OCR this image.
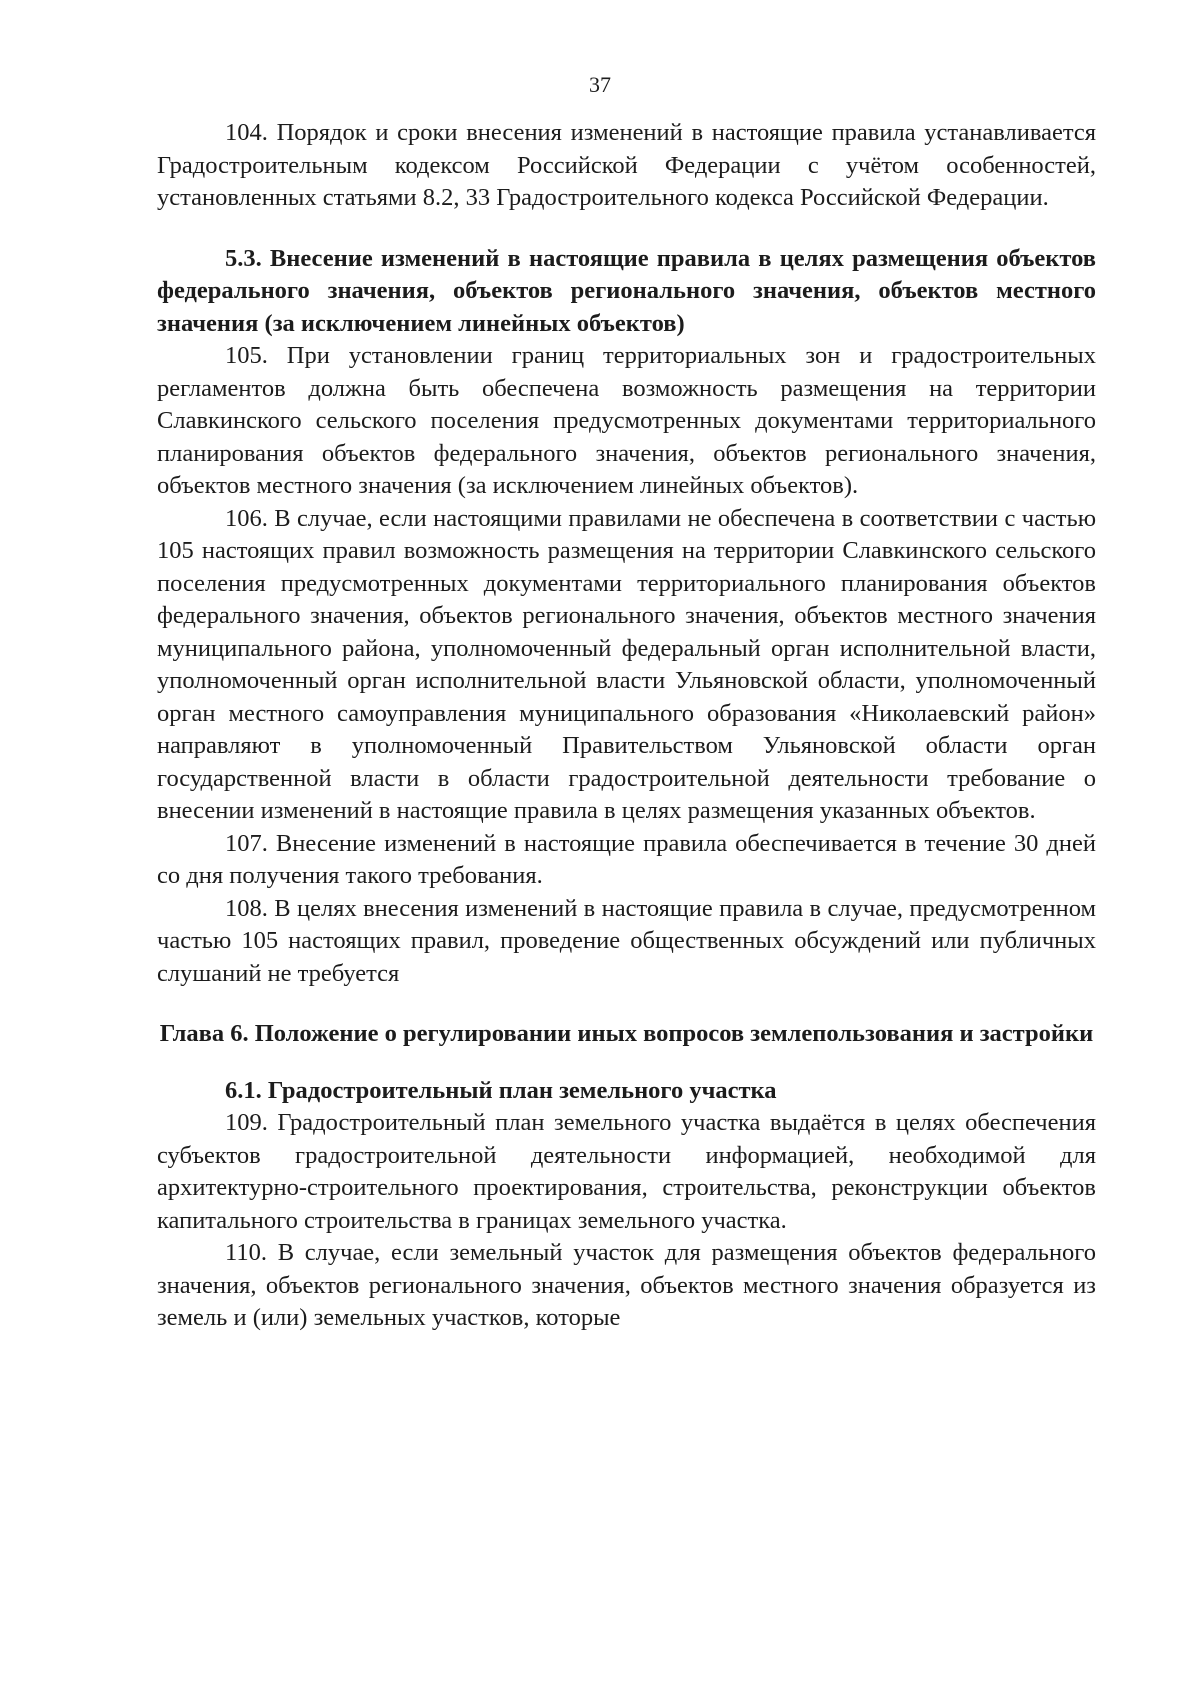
37

104. Порядок и сроки внесения изменений в настоящие правила устанавливается Градостроительным кодексом Российской Федерации с учётом особенностей, установленных статьями 8.2, 33 Градостроительного кодекса Российской Федерации.

5.3. Внесение изменений в настоящие правила в целях размещения объектов федерального значения, объектов регионального значения, объектов местного значения (за исключением линейных объектов)

105. При установлении границ территориальных зон и градостроительных регламентов должна быть обеспечена возможность размещения на территории Славкинского сельского поселения предусмотренных документами территориального планирования объектов федерального значения, объектов регионального значения, объектов местного значения (за исключением линейных объектов).

106. В случае, если настоящими правилами не обеспечена в соответствии с частью 105 настоящих правил возможность размещения на территории Славкинского сельского поселения предусмотренных документами территориального планирования объектов федерального значения, объектов регионального значения, объектов местного значения муниципального района, уполномоченный федеральный орган исполнительной власти, уполномоченный орган исполнительной власти Ульяновской области, уполномоченный орган местного самоуправления муниципального образования «Николаевский район» направляют в уполномоченный Правительством Ульяновской области орган государственной власти в области градостроительной деятельности требование о внесении изменений в настоящие правила в целях размещения указанных объектов.

107. Внесение изменений в настоящие правила обеспечивается в течение 30 дней со дня получения такого требования.

108. В целях внесения изменений в настоящие правила в случае, предусмотренном частью 105 настоящих правил, проведение общественных обсуждений или публичных слушаний не требуется

Глава 6. Положение о регулировании иных вопросов землепользования и застройки

6.1. Градостроительный план земельного участка

109. Градостроительный план земельного участка выдаётся в целях обеспечения субъектов градостроительной деятельности информацией, необходимой для архитектурно-строительного проектирования, строительства, реконструкции объектов капитального строительства в границах земельного участка.

110. В случае, если земельный участок для размещения объектов федерального значения, объектов регионального значения, объектов местного значения образуется из земель и (или) земельных участков, которые
